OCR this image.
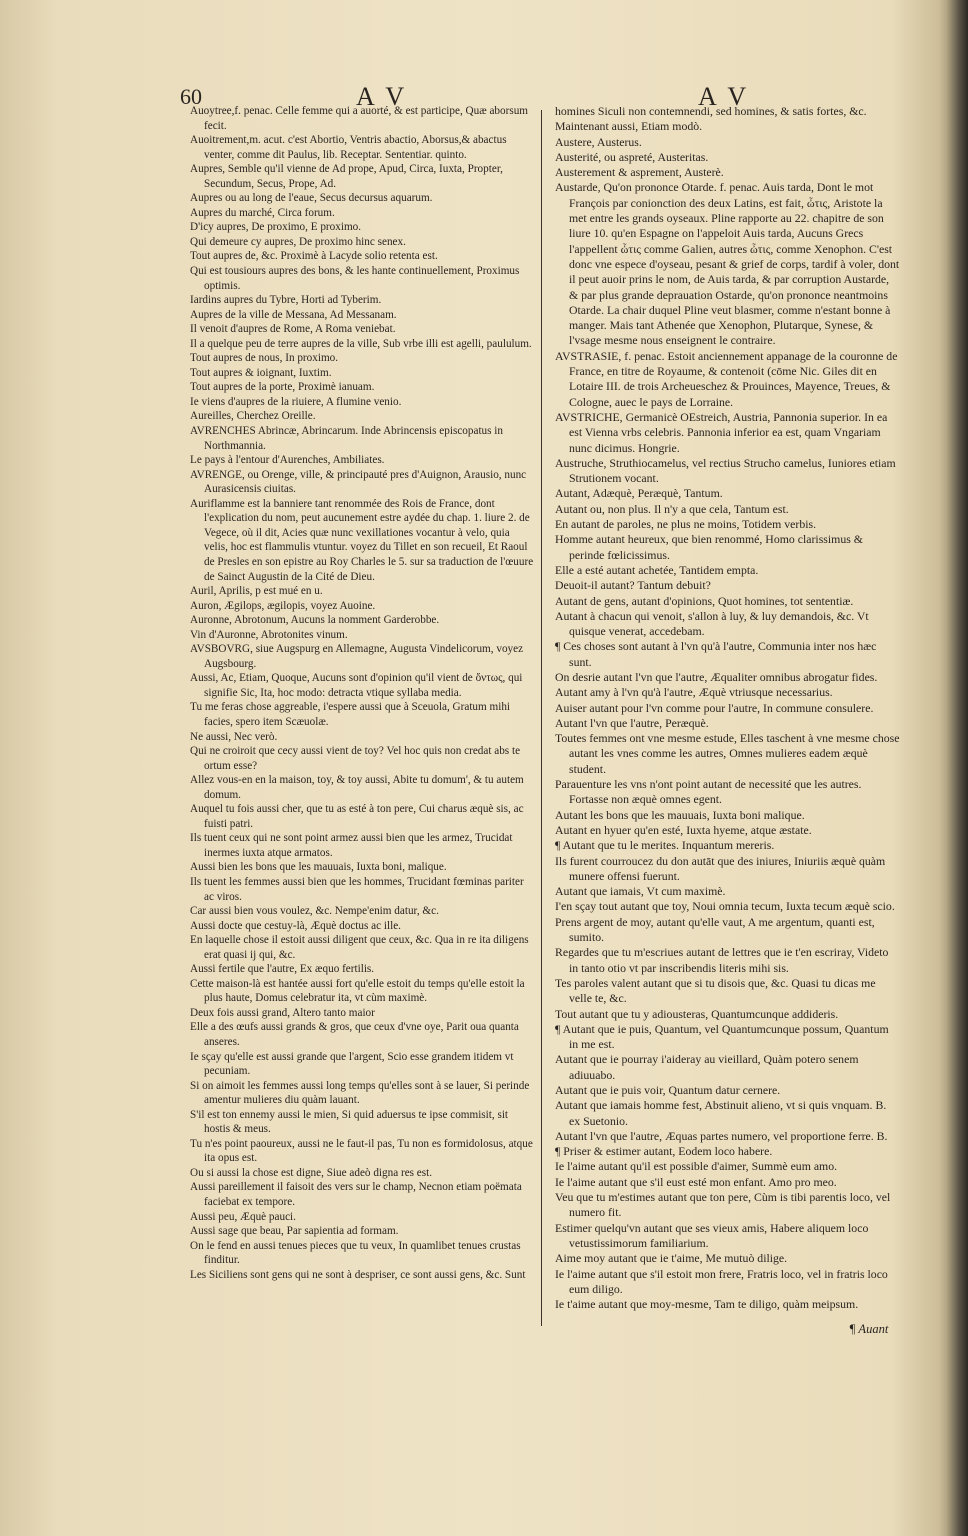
60	A V	A V

Auoytree,f. penac. Celle femme qui a auorté, & est participe, Quæ aborsum fecit.

Auoitrement,m. acut. c'est Abortio, Ventris abactio, Aborsus,& abactus venter, comme dit Paulus, lib. Receptar. Sententiar. quinto.

Aupres, Semble qu'il vienne de Ad prope, Apud, Circa, Iuxta, Propter, Secundum, Secus, Prope, Ad.

Aupres ou au long de l'eaue, Secus decursus aquarum.

Aupres du marché, Circa forum.

D'icy aupres, De proximo, E proximo.

Qui demeure cy aupres, De proximo hinc senex.

Tout aupres de, &c. Proximè à Lacyde solio retenta est.

Qui est tousiours aupres des bons, & les hante continuellement, Proximus optimis.

Iardins aupres du Tybre, Horti ad Tyberim.

Aupres de la ville de Messana, Ad Messanam.

Il venoit d'aupres de Rome, A Roma veniebat.

Il a quelque peu de terre aupres de la ville, Sub vrbe illi est agelli, paululum.

Tout aupres de nous, In proximo.

Tout aupres & ioignant, Iuxtim.

Tout aupres de la porte, Proximè ianuam.

Ie viens d'aupres de la riuiere, A flumine venio.

Aureilles, Cherchez Oreille.

AVRENCHES Abrincæ, Abrincarum. Inde Abrincensis episcopatus in Northmannia.

Le pays à l'entour d'Aurenches, Ambiliates.

AVRENGE, ou Orenge, ville, & principauté pres d'Auignon, Arausio, nunc Aurasicensis ciuitas.

Auriflamme est la banniere tant renommée des Rois de France, dont l'explication du nom, peut aucunement estre aydée du chap. 1. liure 2. de Vegece, où il dit, Acies quæ nunc vexillationes vocantur à velo, quia velis, hoc est flammulis vtuntur. voyez du Tillet en son recueil, Et Raoul de Presles en son epistre au Roy Charles le 5. sur sa traduction de l'œuure de Sainct Augustin de la Cité de Dieu.

Auril, Aprilis, p est mué en u.

Auron, Ægilops, ægilopis, voyez Auoine.

Auronne, Abrotonum, Aucuns la nomment Garderobbe.

Vin d'Auronne, Abrotonites vinum.

AVSBOVRG, siue Augspurg en Allemagne, Augusta Vindelicorum, voyez Augsbourg.

Aussi, Ac, Etiam, Quoque, Aucuns sont d'opinion qu'il vient de ὄντως, qui signifie Sic, Ita, hoc modo: detracta vtique syllaba media.

Tu me feras chose aggreable, i'espere aussi que à Sceuola, Gratum mihi facies, spero item Scæuolæ.

Ne aussi, Nec verò.

Qui ne croiroit que cecy aussi vient de toy? Vel hoc quis non credat abs te ortum esse?

Allez vous-en en la maison, toy, & toy aussi, Abite tu domum', & tu autem domum.

Auquel tu fois aussi cher, que tu as esté à ton pere, Cui charus æquè sis, ac fuisti patri.

Ils tuent ceux qui ne sont point armez aussi bien que les armez, Trucidat inermes iuxta atque armatos.

Aussi bien les bons que les mauuais, Iuxta boni, malique.

Ils tuent les femmes aussi bien que les hommes, Trucidant fœminas pariter ac viros.

Car aussi bien vous voulez, &c. Nempe'enim datur, &c.

Aussi docte que cestuy-là, Æquè doctus ac ille.

En laquelle chose il estoit aussi diligent que ceux, &c. Qua in re ita diligens erat quasi ij qui, &c.

Aussi fertile que l'autre, Ex æquo fertilis.

Cette maison-là est hantée aussi fort qu'elle estoit du temps qu'elle estoit la plus haute, Domus celebratur ita, vt cùm maximè.

Deux fois aussi grand, Altero tanto maior

Elle a des œufs aussi grands & gros, que ceux d'vne oye, Parit oua quanta anseres.

Ie sçay qu'elle est aussi grande que l'argent, Scio esse grandem itidem vt pecuniam.

Si on aimoit les femmes aussi long temps qu'elles sont à se lauer, Si perinde amentur mulieres diu quàm lauant.

S'il est ton ennemy aussi le mien, Si quid aduersus te ipse commisit, sit hostis & meus.

Tu n'es point paoureux, aussi ne le faut-il pas, Tu non es formidolosus, atque ita opus est.

Ou si aussi la chose est digne, Siue adeò digna res est.

Aussi pareillement il faisoit des vers sur le champ, Necnon etiam poëmata faciebat ex tempore.

Aussi peu, Æquè pauci.

Aussi sage que beau, Par sapientia ad formam.

On le fend en aussi tenues pieces que tu veux, In quamlibet tenues crustas finditur.

Les Siciliens sont gens qui ne sont à despriser, ce sont aussi gens, &c. Sunt

homines Siculi non contemnendi, sed homines, & satis fortes, &c.

Maintenant aussi, Etiam modò.

Austere, Austerus.

Austerité, ou aspreté, Austeritas.

Austerement & asprement, Austerè.

Austarde, Qu'on prononce Otarde. f. penac. Auis tarda, Dont le mot François par conionction des deux Latins, est fait, ὦτις, Aristote la met entre les grands oyseaux. Pline rapporte au 22. chapitre de son liure 10. qu'en Espagne on l'appeloit Auis tarda, Aucuns Grecs l'appellent ὦτις comme Galien, autres ὦτις, comme Xenophon. C'est donc vne espece d'oyseau, pesant & grief de corps, tardif à voler, dont il peut auoir prins le nom, de Auis tarda, & par corruption Austarde, & par plus grande deprauation Ostarde, qu'on prononce neantmoins Otarde. La chair duquel Pline veut blasmer, comme n'estant bonne à manger. Mais tant Athenée que Xenophon, Plutarque, Synese, & l'vsage mesme nous enseignent le contraire.

AVSTRASIE, f. penac. Estoit anciennement appanage de la couronne de France, en titre de Royaume, & contenoit (cōme Nic. Giles dit en Lotaire III. de trois Archeueschez & Prouinces, Mayence, Treues, & Cologne, auec le pays de Lorraine.

AVSTRICHE, Germanicè OEstreich, Austria, Pannonia superior. In ea est Vienna vrbs celebris. Pannonia inferior ea est, quam Vngariam nunc dicimus. Hongrie.

Austruche, Struthiocamelus, vel rectius Strucho camelus, Iuniores etiam Strutionem vocant.

Autant, Adæquè, Peræquè, Tantum.

Autant ou, non plus. Il n'y a que cela, Tantum est.

En autant de paroles, ne plus ne moins, Totidem verbis.

Homme autant heureux, que bien renommé, Homo clarissimus & perinde fœlicissimus.

Elle a esté autant achetée, Tantidem empta.

Deuoit-il autant? Tantum debuit?

Autant de gens, autant d'opinions, Quot homines, tot sententiæ.

Autant à chacun qui venoit, s'allon à luy, & luy demandois, &c. Vt quisque venerat, accedebam.

¶ Ces choses sont autant à l'vn qu'à l'autre, Communia inter nos hæc sunt.

On desrie autant l'vn que l'autre, Æqualiter omnibus abrogatur fides.

Autant amy à l'vn qu'à l'autre, Æquè vtriusque necessarius.

Auiser autant pour l'vn comme pour l'autre, In commune consulere.

Autant l'vn que l'autre, Peræquè.

Toutes femmes ont vne mesme estude, Elles taschent à vne mesme chose autant les vnes comme les autres, Omnes mulieres eadem æquè student.

Parauenture les vns n'ont point autant de necessité que les autres. Fortasse non æquè omnes egent.

Autant les bons que les mauuais, Iuxta boni malique.

Autant en hyuer qu'en esté, Iuxta hyeme, atque æstate.

¶ Autant que tu le merites. Inquantum mereris.

Ils furent courroucez du don autāt que des iniures, Iniuriis æquè quàm munere offensi fuerunt.

Autant que iamais, Vt cum maximè.

I'en sçay tout autant que toy, Noui omnia tecum, Iuxta tecum æquè scio.

Prens argent de moy, autant qu'elle vaut, A me argentum, quanti est, sumito.

Regardes que tu m'escriues autant de lettres que ie t'en escriray, Videto in tanto otio vt par inscribendis literis mihi sis.

Tes paroles valent autant que si tu disois que, &c. Quasi tu dicas me velle te, &c.

Tout autant que tu y adiousteras, Quantumcunque addideris.

¶ Autant que ie puis, Quantum, vel Quantumcunque possum, Quantum in me est.

Autant que ie pourray i'aideray au vieillard, Quàm potero senem adiuuabo.

Autant que ie puis voir, Quantum datur cernere.

Autant que iamais homme fest, Abstinuit alieno, vt si quis vnquam. B. ex Suetonio.

Autant l'vn que l'autre, Æquas partes numero, vel proportione ferre. B.

¶ Priser & estimer autant, Eodem loco habere.

Ie l'aime autant qu'il est possible d'aimer, Summè eum amo.

Ie l'aime autant que s'il eust esté mon enfant. Amo pro meo.

Veu que tu m'estimes autant que ton pere, Cùm is tibi parentis loco, vel numero fit.

Estimer quelqu'vn autant que ses vieux amis, Habere aliquem loco vetustissimorum familiarium.

Aime moy autant que ie t'aime, Me mutuò dilige.

Ie l'aime autant que s'il estoit mon frere, Fratris loco, vel in fratris loco eum diligo.

Ie t'aime autant que moy-mesme, Tam te diligo, quàm meipsum.

¶ Auant
